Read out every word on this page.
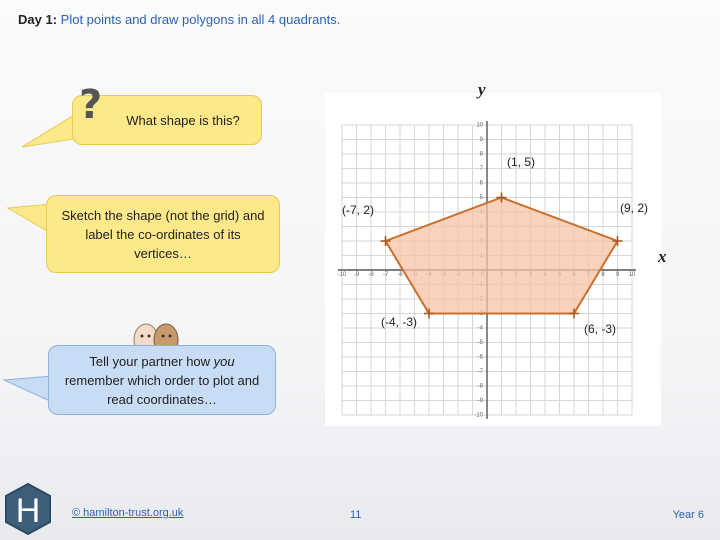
Day 1: Plot points and draw polygons in all 4 quadrants.
What shape is this?
?
Sketch the shape (not the grid) and label the co-ordinates of its vertices…
Tell your partner how you remember which order to plot and read coordinates…
-10 -9 -8 -7 -6	8 9 10
-10
-9
-8
-7
-6
-5
-4
5
6
7
8
9
10
y
x
(1, 5)
(9, 2)
(6, -3)
(-4, -3)
(-7, 2)
H	© hamilton-trust.org.uk	11	Year 6
